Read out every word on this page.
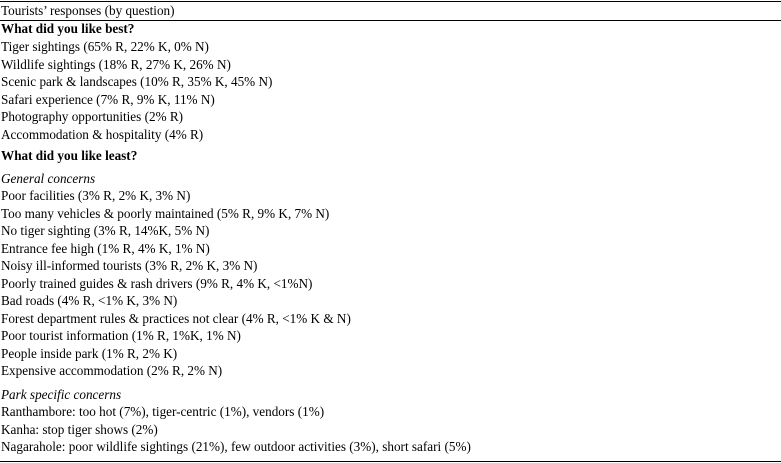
Tourists’ responses (by question)
What did you like best?
Tiger sightings (65% R, 22% K, 0% N)
Wildlife sightings (18% R, 27% K, 26% N)
Scenic park & landscapes (10% R, 35% K, 45% N)
Safari experience (7% R, 9% K, 11% N)
Photography opportunities (2% R)
Accommodation & hospitality (4% R)
What did you like least?
General concerns
Poor facilities (3% R, 2% K, 3% N)
Too many vehicles & poorly maintained (5% R, 9% K, 7% N)
No tiger sighting (3% R, 14%K, 5% N)
Entrance fee high (1% R, 4% K, 1% N)
Noisy ill-informed tourists (3% R, 2% K, 3% N)
Poorly trained guides & rash drivers (9% R, 4% K, <1%N)
Bad roads (4% R, <1% K, 3% N)
Forest department rules & practices not clear (4% R, <1% K & N)
Poor tourist information (1% R, 1%K, 1% N)
People inside park (1% R, 2% K)
Expensive accommodation (2% R, 2% N)
Park specific concerns
Ranthambore: too hot (7%), tiger-centric (1%), vendors (1%)
Kanha: stop tiger shows (2%)
Nagarahole: poor wildlife sightings (21%), few outdoor activities (3%), short safari (5%)
